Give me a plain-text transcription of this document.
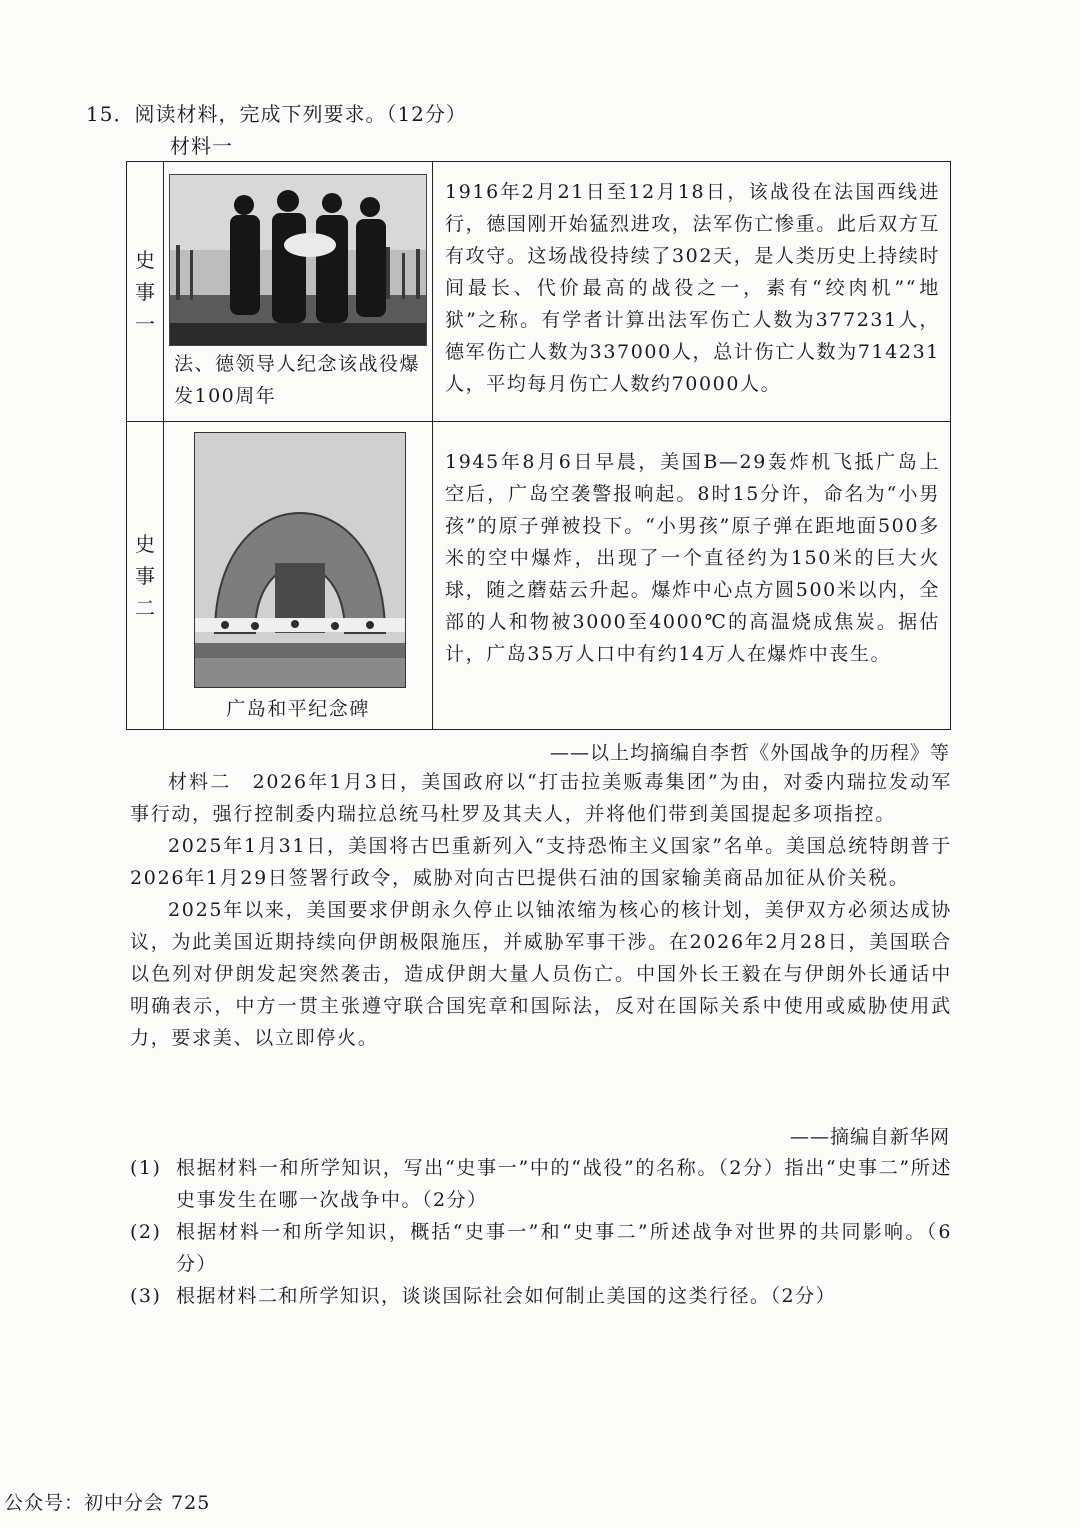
15．阅读材料，完成下列要求。（12分）
材料一
史
事
一	法、德领导人纪念该战役爆发100周年	1916年2月21日至12月18日，该战役在法国西线进行，德国刚开始猛烈进攻，法军伤亡惨重。此后双方互有攻守。这场战役持续了302天，是人类历史上持续时间最长、代价最高的战役之一，素有“绞肉机”“地狱”之称。有学者计算出法军伤亡人数为377231人，德军伤亡人数为337000人，总计伤亡人数为714231人，平均每月伤亡人数约70000人。

史
事
二	广岛和平纪念碑	1945年8月6日早晨，美国B—29轰炸机飞抵广岛上空后，广岛空袭警报响起。8时15分许，命名为“小男孩”的原子弹被投下。“小男孩”原子弹在距地面500多米的空中爆炸，出现了一个直径约为150米的巨大火球，随之蘑菇云升起。爆炸中心点方圆500米以内，全部的人和物被3000至4000℃的高温烧成焦炭。据估计，广岛35万人口中有约14万人在爆炸中丧生。
——以上均摘编自李哲《外国战争的历程》等

材料二　2026年1月3日，美国政府以“打击拉美贩毒集团”为由，对委内瑞拉发动军事行动，强行控制委内瑞拉总统马杜罗及其夫人，并将他们带到美国提起多项指控。

2025年1月31日，美国将古巴重新列入“支持恐怖主义国家”名单。美国总统特朗普于2026年1月29日签署行政令，威胁对向古巴提供石油的国家输美商品加征从价关税。

2025年以来，美国要求伊朗永久停止以铀浓缩为核心的核计划，美伊双方必须达成协议，为此美国近期持续向伊朗极限施压，并威胁军事干涉。在2026年2月28日，美国联合以色列对伊朗发起突然袭击，造成伊朗大量人员伤亡。中国外长王毅在与伊朗外长通话中明确表示，中方一贯主张遵守联合国宪章和国际法，反对在国际关系中使用或威胁使用武力，要求美、以立即停火。

——摘编自新华网
(1) 根据材料一和所学知识，写出“史事一”中的“战役”的名称。（2分）指出“史事二”所述史事发生在哪一次战争中。（2分）
(2) 根据材料一和所学知识，概括“史事一”和“史事二”所述战争对世界的共同影响。（6分）
(3) 根据材料二和所学知识，谈谈国际社会如何制止美国的这类行径。（2分）
公众号：初中分会 725
